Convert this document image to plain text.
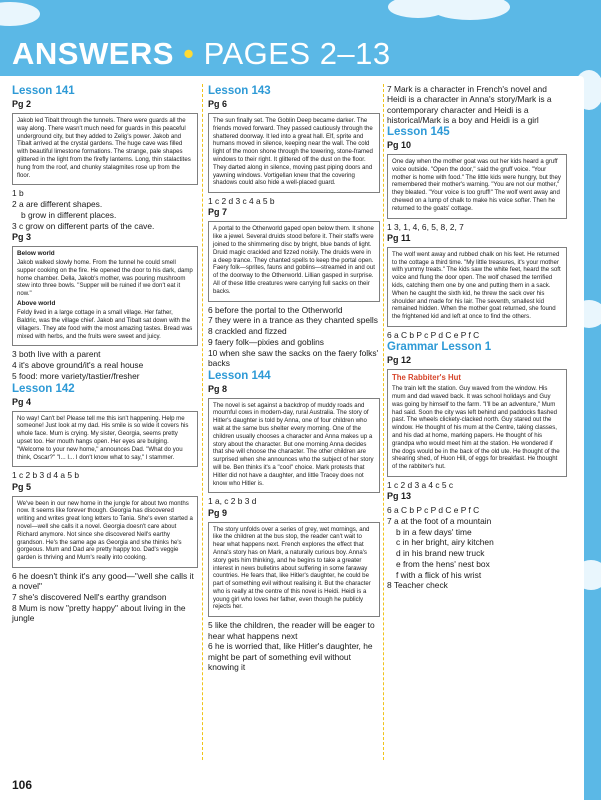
ANSWERS • PAGES 2–13
Lesson 141
Pg 2

Jakob led Tibalt through the tunnels. There were guards all the way along. There wasn't much need for guards in this peaceful underground city, but they added to Zelig's power. Jakob and Tibalt arrived at the crystal gardens. The huge cave was filled with beautiful limestone formations. The strange, pale shapes glittered in the light from the firefly lanterns. Long, thin stalactites hung from the roof, and chunky stalagmites rose up from the floor.

1 b
2 a are different shapes.
b grow in different places.
3 c grow on different parts of the cave.
Pg 3
Below world

Jakob walked slowly home. From the tunnel he could smell supper cooking on the fire. He opened the door to his dark, damp home chamber. Della, Jakob's mother, was pouring mushroom stew into three bowls. "Supper will be ruined if we don't eat it now."

Above world

Feldy lived in a large cottage in a small village. Her father, Baldric, was the village chief. Jakob and Tibalt sat down with the villagers. They ate food with the most amazing tastes. Bread was mixed with herbs, and the fruits were sweet and juicy.

3 both live with a parent
4 it's above ground/it's a real house
5 food: more variety/tastier/fresher
Lesson 142
Pg 4

No way! Can't be! Please tell me this isn't happening. Help me someone! Just look at my dad. His smile is so wide it covers his whole face. Mum is crying. My sister, Georgia, seems pretty upset too. Her mouth hangs open. Her eyes are bulging. "Welcome to your new home," announces Dad. "What do you think, Oscar?" "I... I... I don't know what to say," I stammer.

1 c 2 b 3 d 4 a 5 b
Pg 5

We've been in our new home in the jungle for about two months now. It seems like forever though. Georgia has discovered writing and writes great long letters to Tania. She's even started a novel—well she calls it a novel. Georgia doesn't care about Richard anymore. Not since she discovered Nell's earthy grandson. He's the same age as Georgia and she thinks he's gorgeous. Mum and Dad are pretty happy too. Dad's veggie garden is thriving and Mum's really into cooking.

6 he doesn't think it's any good—"well she calls it a novel"
7 she's discovered Nell's earthy grandson
8 Mum is now "pretty happy" about living in the jungle
Lesson 143
Pg 6

The sun finally set. The Goblin Deep became darker. The friends moved forward. They passed cautiously through the shattered doorway. It led into a great hall. Elf, sprite and humans moved in silence, keeping near the wall. The cold light of the moon shone through the towering, stone-framed windows to their right. It glittered off the dust on the floor. They darted along in silence, moving past piping doors and yawning windows. Vortigellan knew that the covering shadows could also hide a well-placed guard.

1 c 2 d 3 c 4 a 5 b
Pg 7

A portal to the Otherworld gaped open below them. It shone like a jewel. Several druids stood before it. Their staffs were joined to the shimmering disc by bright, blue bands of light. Druid magic crackled and fizzed noisily. The druids were in a deep trance. They chanted spells to keep the portal open. Faery folk—sprites, fauns and goblins—streamed in and out of the doorway to the Otherworld. Lillian gasped in surprise. All of these little creatures were carrying full sacks on their backs.

6 before the portal to the Otherworld
7 they were in a trance as they chanted spells
8 crackled and fizzed
9 faery folk—pixies and goblins
10 when she saw the sacks on the faery folks' backs
Lesson 144
Pg 8

The novel is set against a backdrop of muddy roads and mournful cows in modern-day, rural Australia. The story of Hitler's daughter is told by Anna, one of four children who wait at the same bus shelter every morning. One of the children usually chooses a character and Anna makes up a story about the character. But one morning Anna decides that she will choose the character. The other children are surprised when she announces who the subject of her story will be. Ben thinks it's a "cool" choice. Mark protests that Hitler did not have a daughter, and little Tracey does not know who Hitler is.

1 a, c 2 b 3 d
Pg 9

The story unfolds over a series of grey, wet mornings, and like the children at the bus stop, the reader can't wait to hear what happens next. French explores the effect that Anna's story has on Mark, a naturally curious boy. Anna's story gets him thinking, and he begins to take a greater interest in news bulletins about suffering in some faraway countries. He fears that, like Hitler's daughter, he could be part of something evil without realising it. But the character who is really at the centre of this novel is Heidi. Heidi is a young girl who loves her father, even though he publicly rejects her.

5 like the children, the reader will be eager to hear what happens next
6 he is worried that, like Hitler's daughter, he might be part of something evil without knowing it
7 Mark is a character in French's novel and Heidi is a character in Anna's story/Mark is a contemporary character and Heidi is a historical/Mark is a boy and Heidi is a girl
Lesson 145
Pg 10

One day when the mother goat was out her kids heard a gruff voice outside. "Open the door," said the gruff voice. "Your mother is home with food." The little kids were hungry, but they remembered their mother's warning. "You are not our mother," they bleated. "Your voice is too gruff!" The wolf went away and chewed on a lump of chalk to make his voice softer. Then he returned to the goats' cottage.

1 3, 1, 4, 6, 5, 8, 2, 7
Pg 11

The wolf went away and rubbed chalk on his feet. He returned to the cottage a third time. "My little treasures, it's your mother with yummy treats." The kids saw the white feet, heard the soft voice and flung the door open. The wolf chased the terrified kids, catching them one by one and putting them in a sack. When he caught the sixth kid, he threw the sack over his shoulder and made for his lair. The seventh, smallest kid remained hidden. When the mother goat returned, she found the frightened kid and left at once to find the others.

6 a C b P c P d C e P f C
Grammar Lesson 1
Pg 12
The Rabbiter's Hut

The train left the station. Guy waved from the window. His mum and dad waved back. It was school holidays and Guy was going by himself to the farm. "I'll be an adventure," Mum had said. Soon the city was left behind and paddocks flashed past. The wheels clickety-clacked north. Guy stared out the window. He thought of his mum at the Centre, taking classes, and his dad at home, marking papers. He thought of his grandpa who would meet him at the station. He wondered if the dogs would be in the back of the old ute. He thought of the shearing shed, of Huon Hill, of eggs for breakfast. He thought of the rabbiter's hut.

1 c 2 d 3 a 4 c 5 c
Pg 13
6 a C b P c P d C e P f C
7 a at the foot of a mountain
b in a few days' time
c in her bright, airy kitchen
d in his brand new truck
e from the hens' nest box
f with a flick of his wrist
8 Teacher check
106
